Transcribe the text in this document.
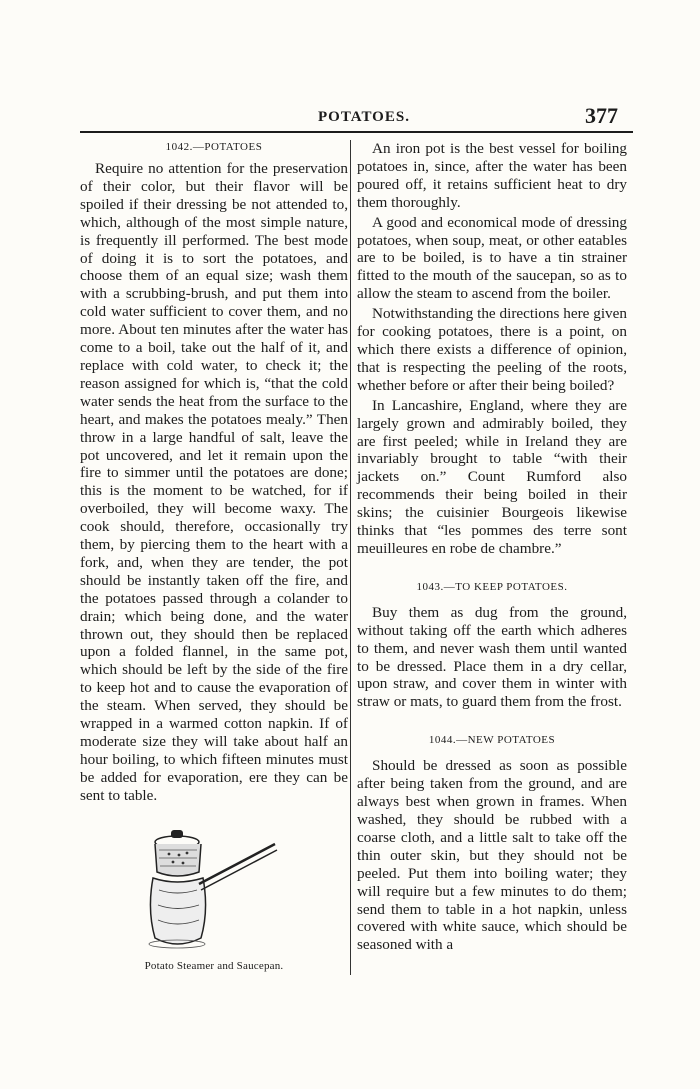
POTATOES.	377
1042.—POTATOES

Require no attention for the preservation of their color, but their flavor will be spoiled if their dressing be not attended to, which, although of the most simple nature, is frequently ill performed. The best mode of doing it is to sort the potatoes, and choose them of an equal size; wash them with a scrubbing-brush, and put them into cold water sufficient to cover them, and no more. About ten minutes after the water has come to a boil, take out the half of it, and replace with cold water, to check it; the reason assigned for which is, “that the cold water sends the heat from the surface to the heart, and makes the potatoes mealy.” Then throw in a large handful of salt, leave the pot uncovered, and let it remain upon the fire to simmer until the potatoes are done; this is the moment to be watched, for if overboiled, they will become waxy. The cook should, therefore, occasionally try them, by piercing them to the heart with a fork, and, when they are tender, the pot should be instantly taken off the fire, and the potatoes passed through a colander to drain; which being done, and the water thrown out, they should then be replaced upon a folded flannel, in the same pot, which should be left by the side of the fire to keep hot and to cause the evaporation of the steam. When served, they should be wrapped in a warmed cotton napkin. If of moderate size they will take about half an hour boiling, to which fifteen minutes must be added for evaporation, ere they can be sent to table.

Potato Steamer and Saucepan.

An iron pot is the best vessel for boiling potatoes in, since, after the water has been poured off, it retains sufficient heat to dry them thoroughly.

A good and economical mode of dressing potatoes, when soup, meat, or other eatables are to be boiled, is to have a tin strainer fitted to the mouth of the saucepan, so as to allow the steam to ascend from the boiler.

Notwithstanding the directions here given for cooking potatoes, there is a point, on which there exists a difference of opinion, that is respecting the peeling of the roots, whether before or after their being boiled?

In Lancashire, England, where they are largely grown and admirably boiled, they are first peeled; while in Ireland they are invariably brought to table “with their jackets on.” Count Rumford also recommends their being boiled in their skins; the cuisinier Bourgeois likewise thinks that “les pommes des terre sont meuilleures en robe de chambre.”

1043.—TO KEEP POTATOES.

Buy them as dug from the ground, without taking off the earth which adheres to them, and never wash them until wanted to be dressed. Place them in a dry cellar, upon straw, and cover them in winter with straw or mats, to guard them from the frost.

1044.—NEW POTATOES

Should be dressed as soon as possible after being taken from the ground, and are always best when grown in frames. When washed, they should be rubbed with a coarse cloth, and a little salt to take off the thin outer skin, but they should not be peeled. Put them into boiling water; they will require but a few minutes to do them; send them to table in a hot napkin, unless covered with white sauce, which should be seasoned with a
